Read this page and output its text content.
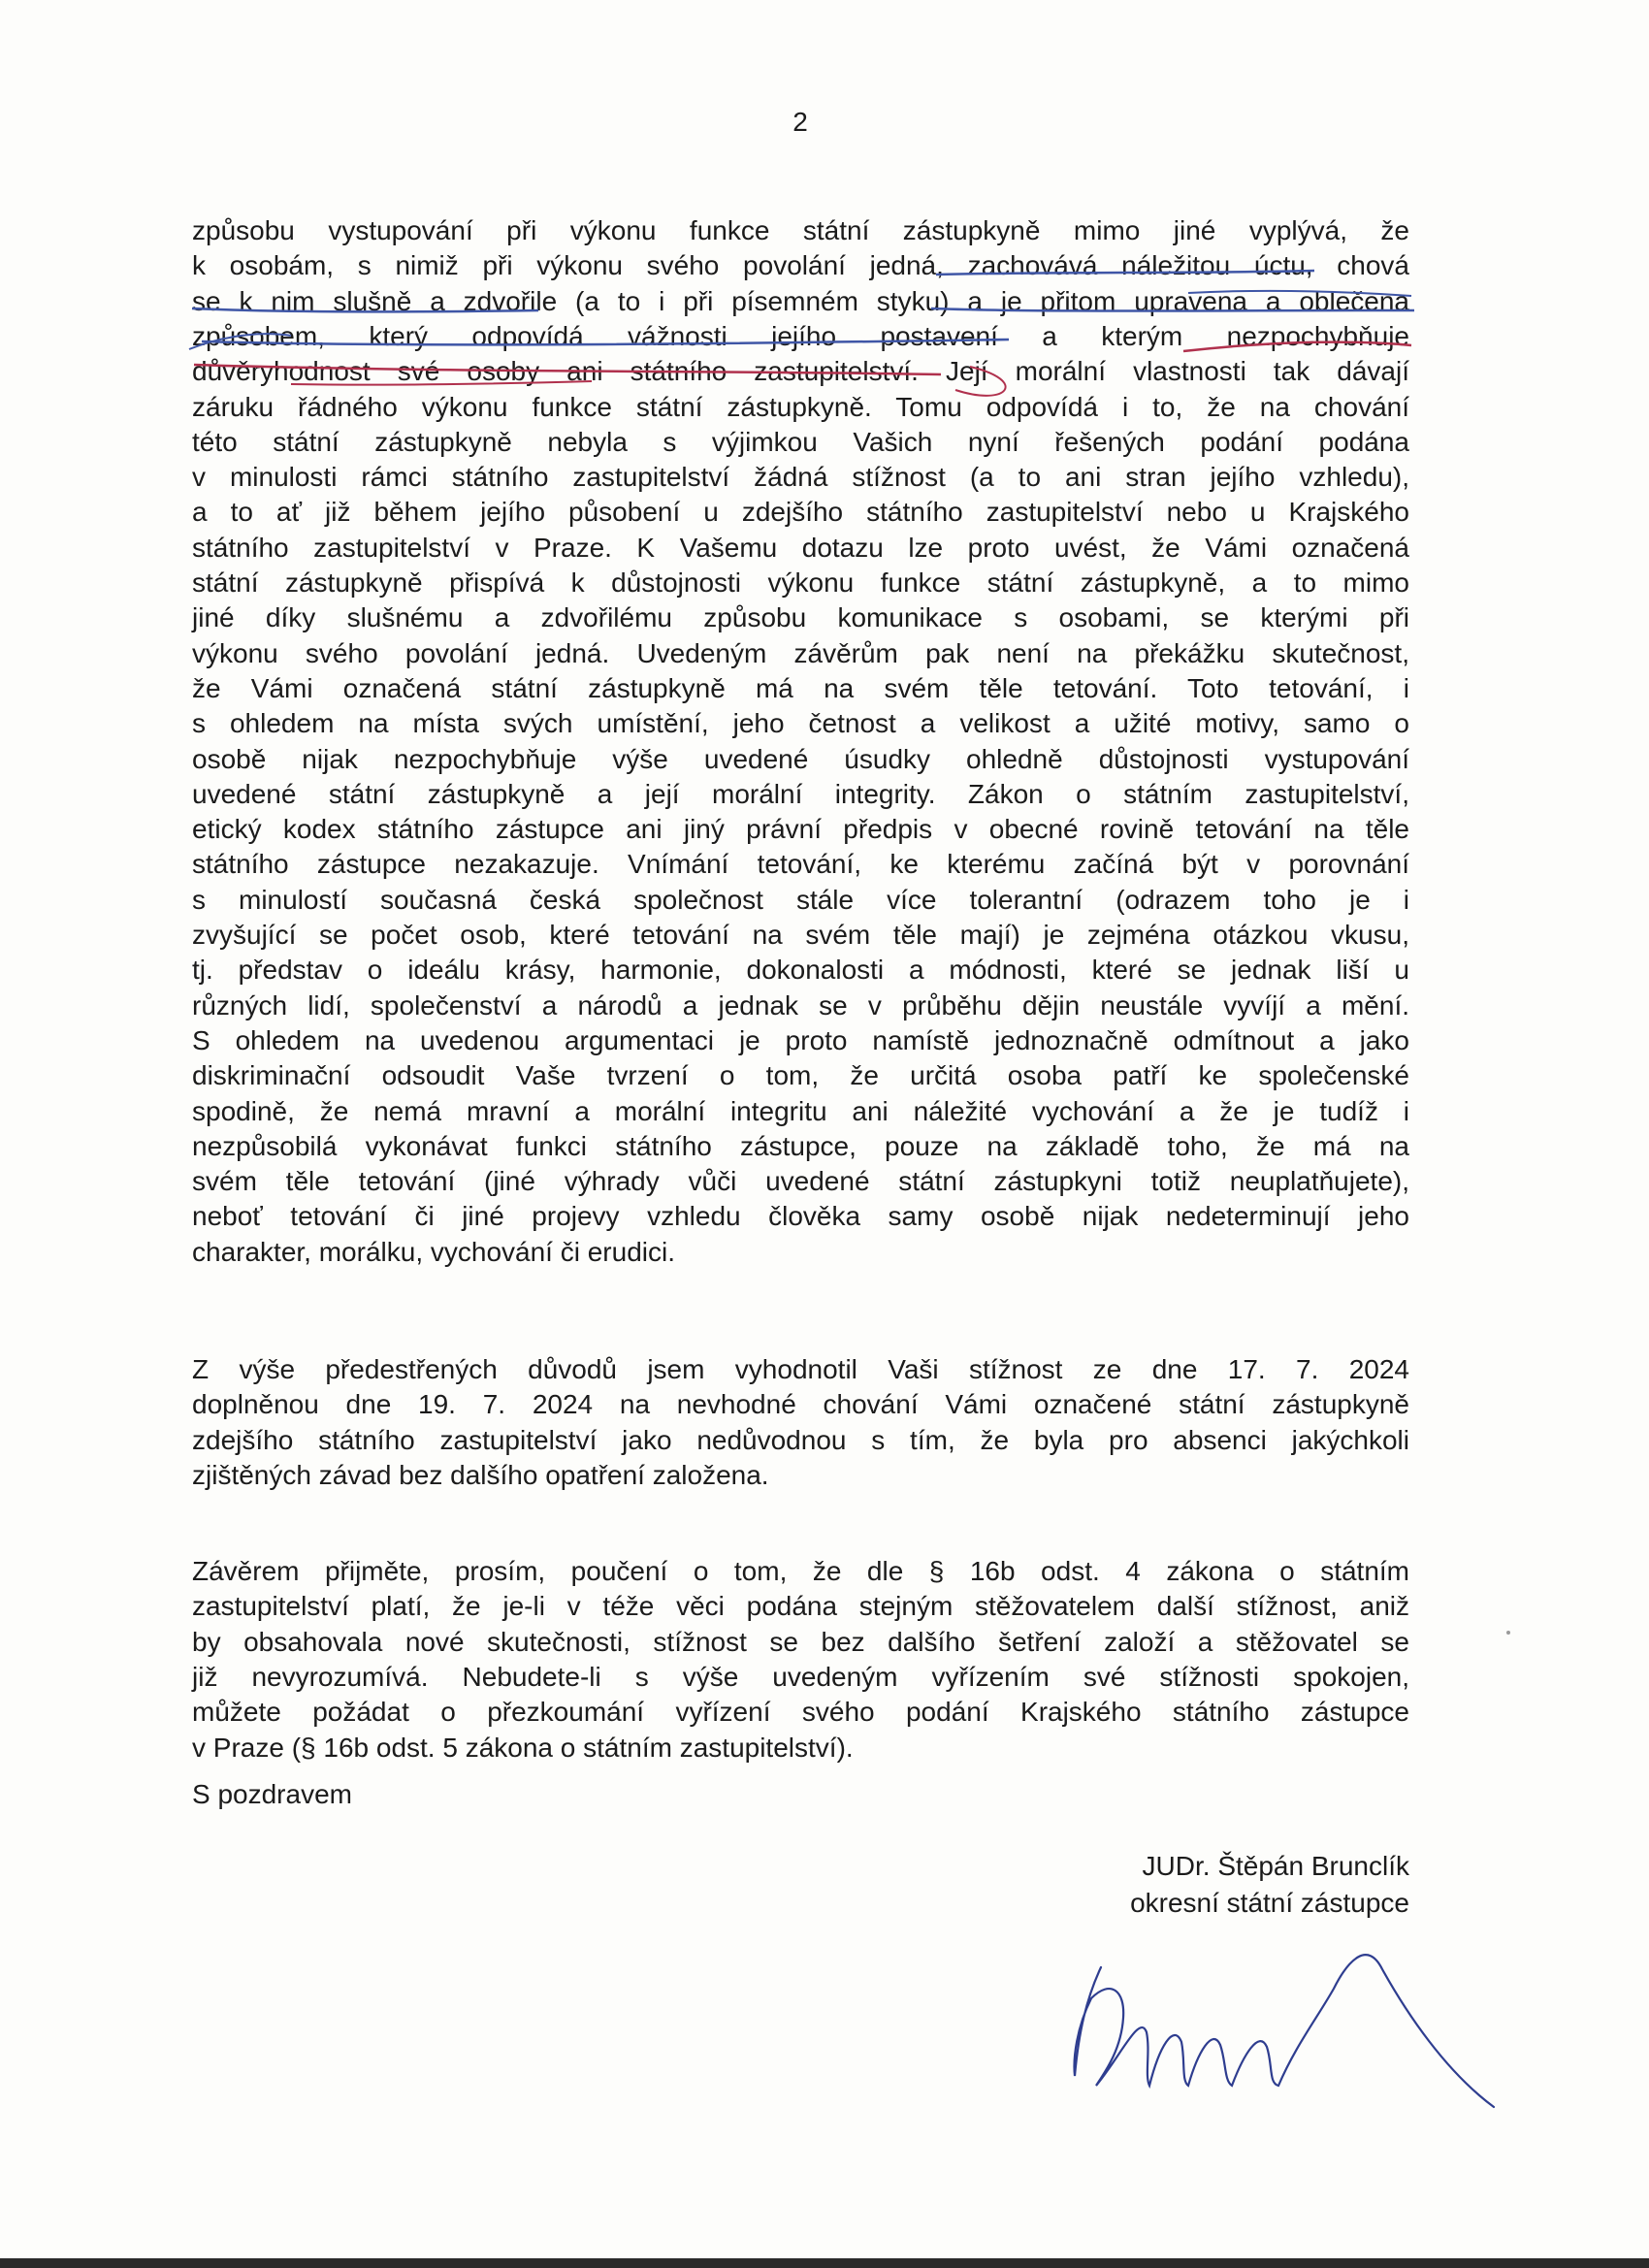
2
způsobu vystupování při výkonu funkce státní zástupkyně mimo jiné vyplývá, že
k osobám, s nimiž při výkonu svého povolání jedná, zachovává náležitou úctu, chová
se k nim slušně a zdvořile (a to i při písemném styku) a je přitom upravena a oblečena
způsobem, který odpovídá vážnosti jejího postavení a kterým nezpochybňuje
důvěryhodnost své osoby ani státního zastupitelství. Její morální vlastnosti tak dávají
záruku řádného výkonu funkce státní zástupkyně. Tomu odpovídá i to, že na chování
této státní zástupkyně nebyla s výjimkou Vašich nyní řešených podání podána
v minulosti rámci státního zastupitelství žádná stížnost (a to ani stran jejího vzhledu),
a to ať již během jejího působení u zdejšího státního zastupitelství nebo u Krajského
státního zastupitelství v Praze. K Vašemu dotazu lze proto uvést, že Vámi označená
státní zástupkyně přispívá k důstojnosti výkonu funkce státní zástupkyně, a to mimo
jiné díky slušnému a zdvořilému způsobu komunikace s osobami, se kterými při
výkonu svého povolání jedná. Uvedeným závěrům pak není na překážku skutečnost,
že Vámi označená státní zástupkyně má na svém těle tetování. Toto tetování, i
s ohledem na místa svých umístění, jeho četnost a velikost a užité motivy, samo o
osobě nijak nezpochybňuje výše uvedené úsudky ohledně důstojnosti vystupování
uvedené státní zástupkyně a její morální integrity. Zákon o státním zastupitelství,
etický kodex státního zástupce ani jiný právní předpis v obecné rovině tetování na těle
státního zástupce nezakazuje. Vnímání tetování, ke kterému začíná být v porovnání
s minulostí současná česká společnost stále více tolerantní (odrazem toho je i
zvyšující se počet osob, které tetování na svém těle mají) je zejména otázkou vkusu,
tj. představ o ideálu krásy, harmonie, dokonalosti a módnosti, které se jednak liší u
různých lidí, společenství a národů a jednak se v průběhu dějin neustále vyvíjí a mění.
S ohledem na uvedenou argumentaci je proto namístě jednoznačně odmítnout a jako
diskriminační odsoudit Vaše tvrzení o tom, že určitá osoba patří ke společenské
spodině, že nemá mravní a morální integritu ani náležité vychování a že je tudíž i
nezpůsobilá vykonávat funkci státního zástupce, pouze na základě toho, že má na
svém těle tetování (jiné výhrady vůči uvedené státní zástupkyni totiž neuplatňujete),
neboť tetování či jiné projevy vzhledu člověka samy osobě nijak nedeterminují jeho
charakter, morálku, vychování či erudici.
Z výše předestřených důvodů jsem vyhodnotil Vaši stížnost ze dne 17. 7. 2024
doplněnou dne 19. 7. 2024 na nevhodné chování Vámi označené státní zástupkyně
zdejšího státního zastupitelství jako nedůvodnou s tím, že byla pro absenci jakýchkoli
zjištěných závad bez dalšího opatření založena.
Závěrem přijměte, prosím, poučení o tom, že dle § 16b odst. 4 zákona o státním
zastupitelství platí, že je-li v téže věci podána stejným stěžovatelem další stížnost, aniž
by obsahovala nové skutečnosti, stížnost se bez dalšího šetření založí a stěžovatel se
již nevyrozumívá. Nebudete-li s výše uvedeným vyřízením své stížnosti spokojen,
můžete požádat o přezkoumání vyřízení svého podání Krajského státního zástupce
v Praze (§ 16b odst. 5 zákona o státním zastupitelství).
S pozdravem
JUDr. Štěpán Brunclík
okresní státní zástupce
